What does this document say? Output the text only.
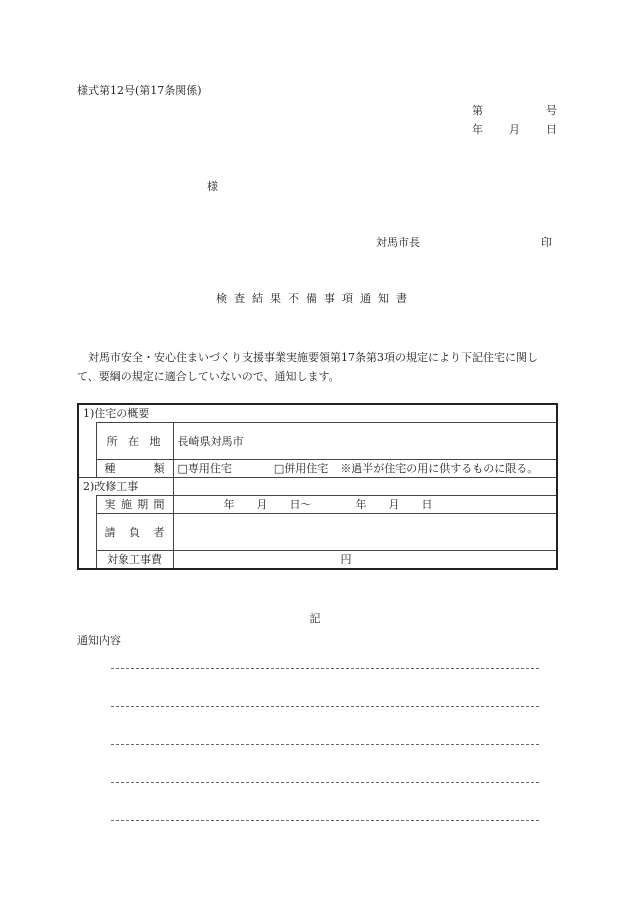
様式第12号(第17条関係)
第	号
年 月 日
様
対馬市長	印
検査結果不備事項通知書
対馬市安全・安心住まいづくり支援事業実施要領第17条第3項の規定により下記住宅に関して、要綱の規定に適合していないので、通知します。
1)住宅の概要		

	所 在 地	長崎県対馬市

	種 類	□専用住宅 □併用住宅 ※過半が住宅の用に供するものに限る。
2)改修工事		

	実 施 期 間	年　　月　　日～　　　　年　　月　　日

	請 負 者	

	対象工事費	円
記
通知内容
